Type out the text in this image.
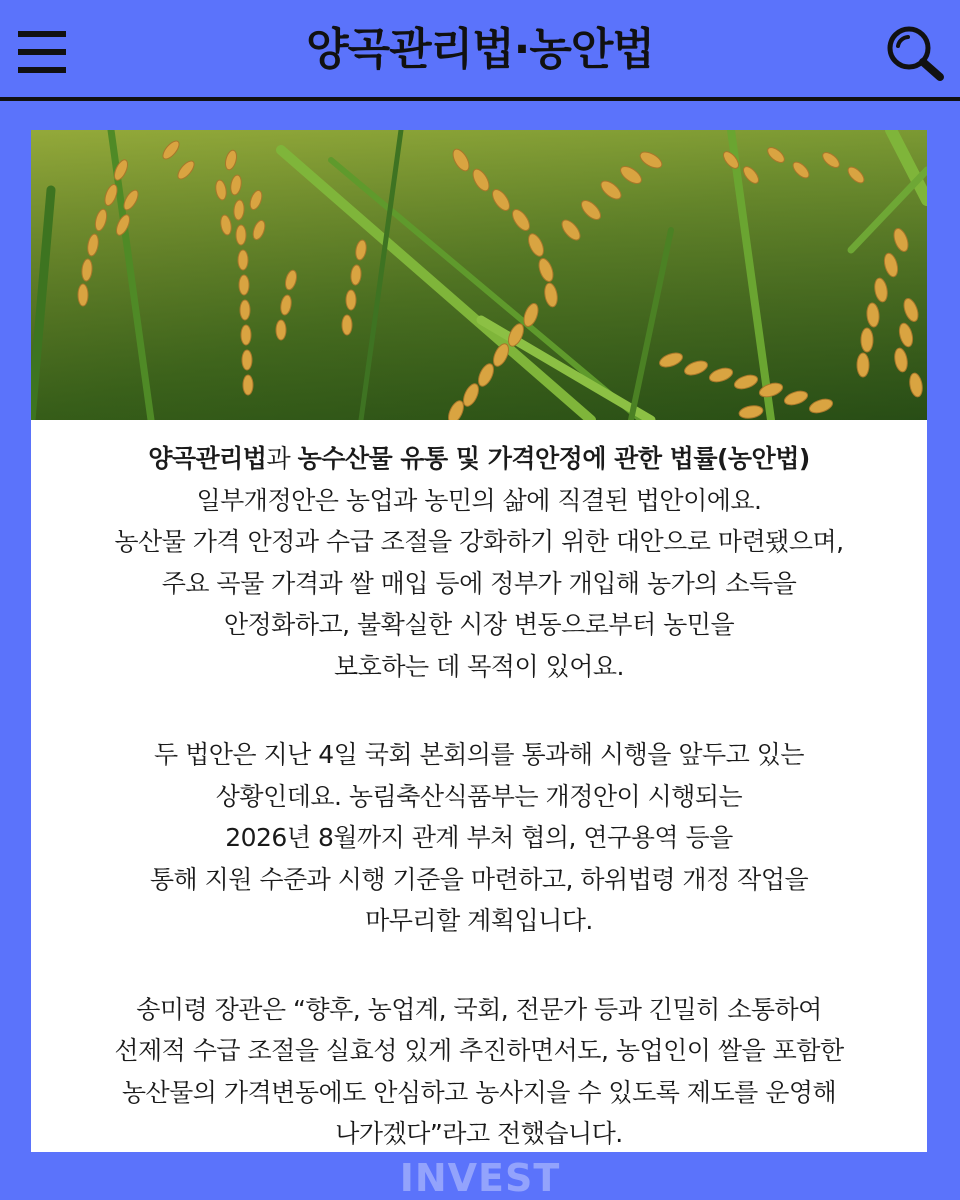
양곡관리법·농안법

양곡관리법과 농수산물 유통 및 가격안정에 관한 법률(농안법)

일부개정안은 농업과 농민의 삶에 직결된 법안이에요.

농산물 가격 안정과 수급 조절을 강화하기 위한 대안으로 마련됐으며,

주요 곡물 가격과 쌀 매입 등에 정부가 개입해 농가의 소득을

안정화하고, 불확실한 시장 변동으로부터 농민을

보호하는 데 목적이 있어요.

두 법안은 지난 4일 국회 본회의를 통과해 시행을 앞두고 있는

상황인데요. 농림축산식품부는 개정안이 시행되는

2026년 8월까지 관계 부처 협의, 연구용역 등을

통해 지원 수준과 시행 기준을 마련하고, 하위법령 개정 작업을

마무리할 계획입니다.

송미령 장관은 “향후, 농업계, 국회, 전문가 등과 긴밀히 소통하여

선제적 수급 조절을 실효성 있게 추진하면서도, 농업인이 쌀을 포함한

농산물의 가격변동에도 안심하고 농사지을 수 있도록 제도를 운영해

나가겠다”라고 전했습니다.

INVEST
